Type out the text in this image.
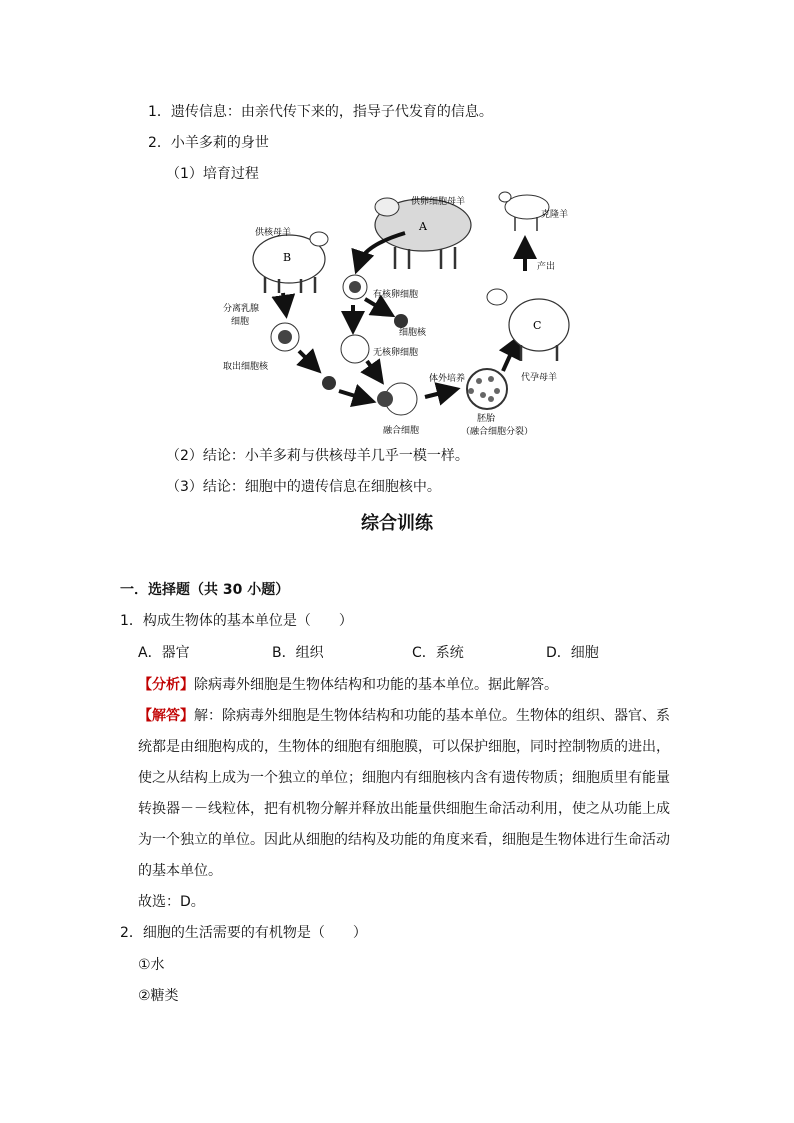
1．遗传信息：由亲代传下来的，指导子代发育的信息。
2．小羊多莉的身世
（1）培育过程
A
供卵细胞母羊
克隆羊
B
供核母羊
产出
有核卵细胞
细胞核
无核卵细胞
分离乳腺
细胞
取出细胞核
融合细胞
体外培养
胚胎
（融合细胞分裂）
C
代孕母羊
（2）结论：小羊多莉与供核母羊几乎一模一样。
（3）结论：细胞中的遗传信息在细胞核中。
综合训练
一．选择题（共 30 小题）
1．构成生物体的基本单位是（　　）
A．器官	B．组织	C．系统	D．细胞
【分析】除病毒外细胞是生物体结构和功能的基本单位。据此解答。
【解答】解：除病毒外细胞是生物体结构和功能的基本单位。生物体的组织、器官、系
统都是由细胞构成的，生物体的细胞有细胞膜，可以保护细胞，同时控制物质的进出，
使之从结构上成为一个独立的单位；细胞内有细胞核内含有遗传物质；细胞质里有能量
转换器－－线粒体，把有机物分解并释放出能量供细胞生命活动利用，使之从功能上成
为一个独立的单位。因此从细胞的结构及功能的角度来看，细胞是生物体进行生命活动
的基本单位。
故选：D。
2．细胞的生活需要的有机物是（　　）
①水
②糖类
